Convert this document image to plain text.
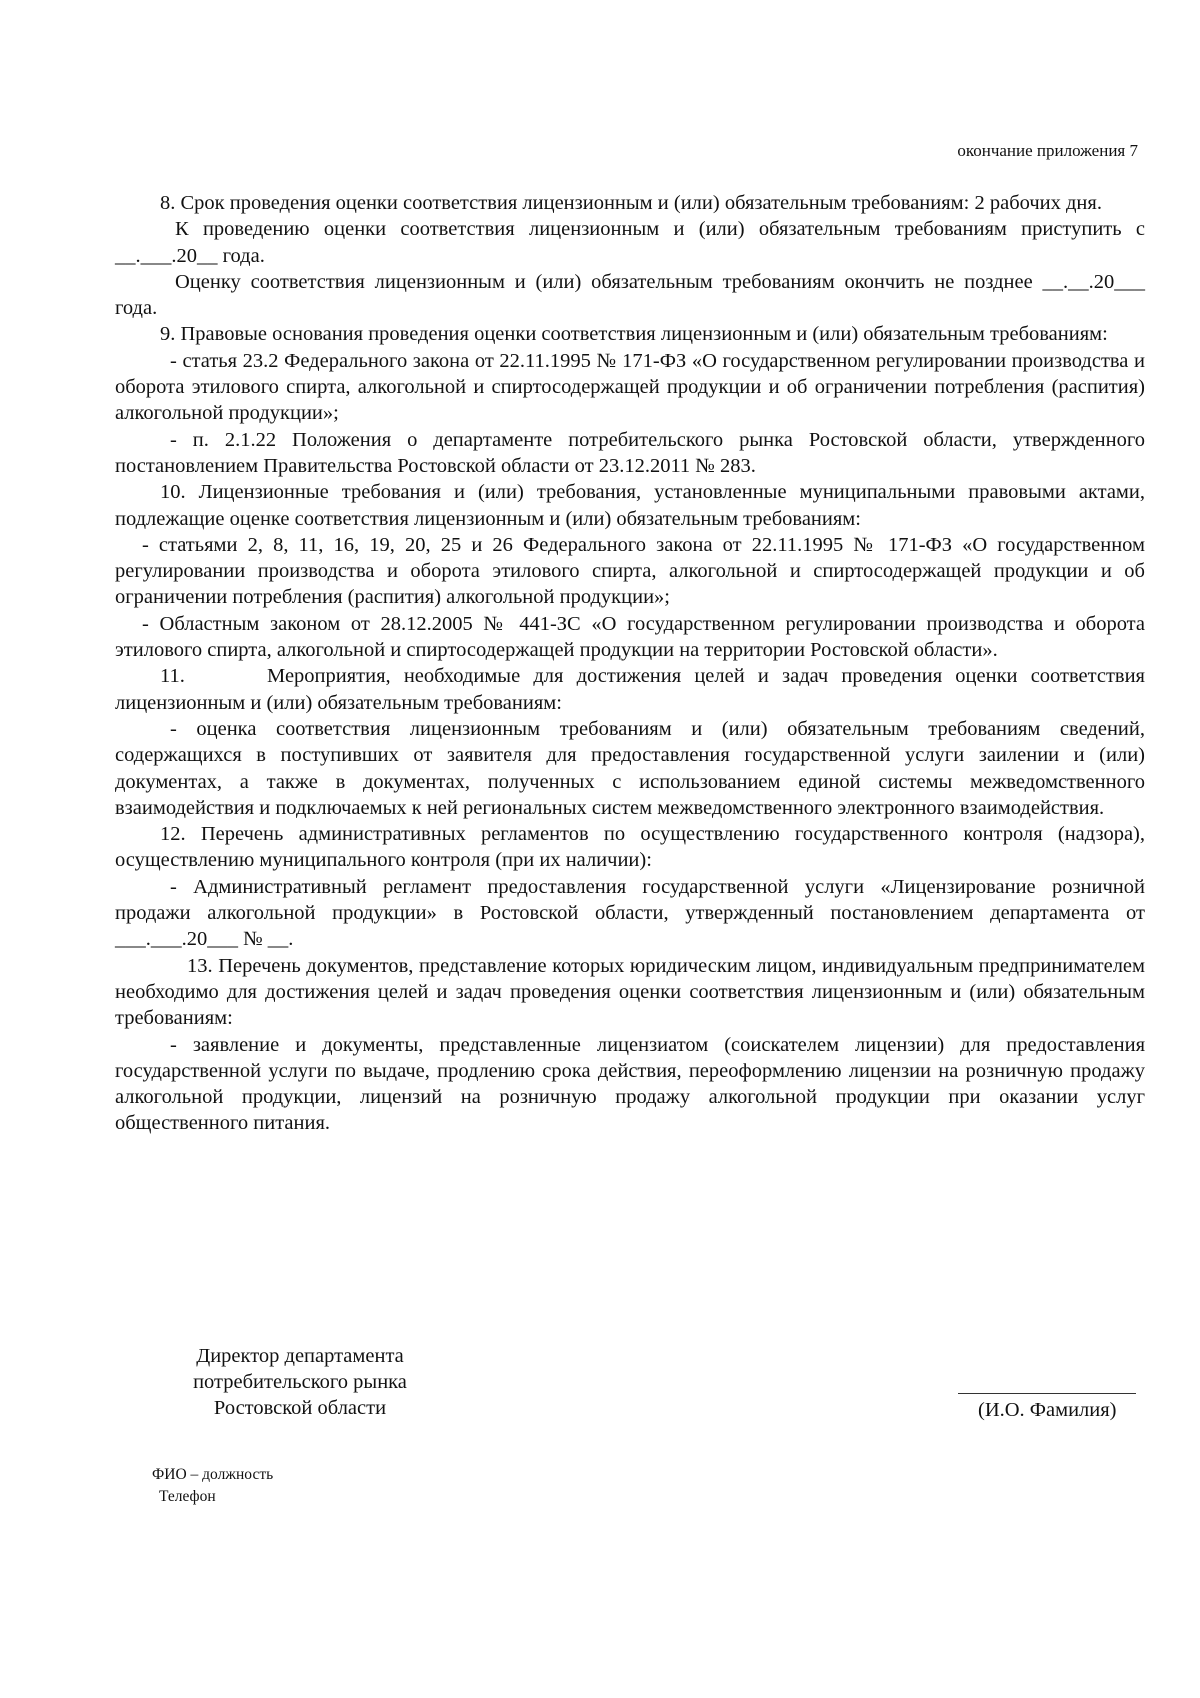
окончание приложения 7

8. Срок проведения оценки соответствия лицензионным и (или) обязательным требованиям: 2 рабочих дня.

К проведению оценки соответствия лицензионным и (или) обязательным требованиям приступить с __.___.20__ года.

Оценку соответствия лицензионным и (или) обязательным требованиям окончить не позднее __.__.20___ года.

9. Правовые основания проведения оценки соответствия лицензионным и (или) обязательным требованиям:

- статья 23.2 Федерального закона от 22.11.1995 № 171-ФЗ «О государственном регулировании производства и оборота этилового спирта, алкогольной и спиртосодержащей продукции и об ограничении потребления (распития) алкогольной продукции»;

- п. 2.1.22 Положения о департаменте потребительского рынка Ростовской области, утвержденного постановлением Правительства Ростовской области от 23.12.2011 № 283.

10. Лицензионные требования и (или) требования, установленные муниципальными правовыми актами, подлежащие оценке соответствия лицензионным и (или) обязательным требованиям:

- статьями 2, 8, 11, 16, 19, 20, 25 и 26 Федерального закона от 22.11.1995 № 171-ФЗ «О государственном регулировании производства и оборота этилового спирта, алкогольной и спиртосодержащей продукции и об ограничении потребления (распития) алкогольной продукции»;

- Областным законом от 28.12.2005 № 441-ЗС «О государственном регулировании производства и оборота этилового спирта, алкогольной и спиртосодержащей продукции на территории Ростовской области».

11.	Мероприятия, необходимые для достижения целей и задач проведения оценки соответствия лицензионным и (или) обязательным требованиям:

- оценка соответствия лицензионным требованиям и (или) обязательным требованиям сведений, содержащихся в поступивших от заявителя для предоставления государственной услуги заилении и (или) документах, а также в документах, полученных с использованием единой системы межведомственного взаимодействия и подключаемых к ней региональных систем межведомственного электронного взаимодействия.

12. Перечень административных регламентов по осуществлению государственного контроля (надзора), осуществлению муниципального контроля (при их наличии):

- Административный регламент предоставления государственной услуги «Лицензирование розничной продажи алкогольной продукции» в Ростовской области, утвержденный постановлением департамента от ___.___.20___ № __.

13. Перечень документов, представление которых юридическим лицом, индивидуальным предпринимателем необходимо для достижения целей и задач проведения оценки соответствия лицензионным и (или) обязательным требованиям:

- заявление и документы, представленные лицензиатом (соискателем лицензии) для предоставления государственной услуги по выдаче, продлению срока действия, переоформлению лицензии на розничную продажу алкогольной продукции, лицензий на розничную продажу алкогольной продукции при оказании услуг общественного питания.

Директор департамента
потребительского рынка
Ростовской области	(И.О. Фамилия)
ФИО – должность
Телефон
